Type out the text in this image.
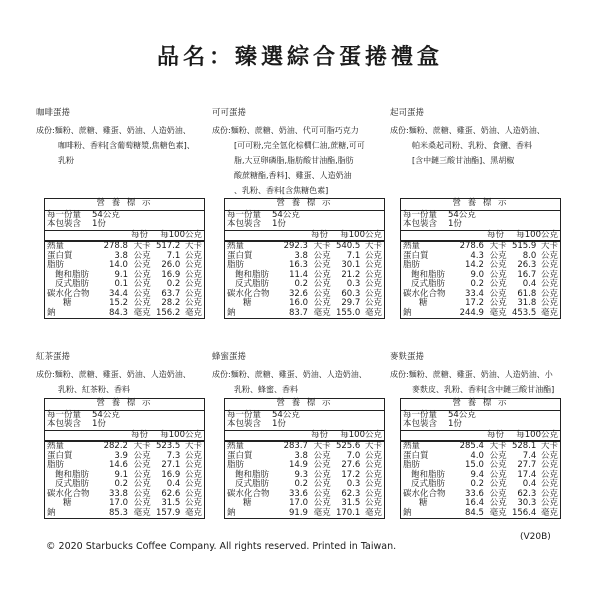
品名：臻選綜合蛋捲禮盒
咖啡蛋捲
成份:麵粉、蔗糖、雞蛋、奶油、人造奶油、
咖啡粉、香料[含葡萄糖漿,焦糖色素]、
乳粉
營 養 標 示
每一份量	54公克
本包裝含	1份
每份	每100公克
熱量	278.8 大卡 517.2 大卡
蛋白質	3.8 公克	7.1 公克
脂肪	14.0 公克	26.0 公克
飽和脂肪	9.1 公克	16.9 公克
反式脂肪	0.1 公克	0.2 公克
碳水化合物	34.4 公克	63.7 公克
糖	15.2 公克	28.2 公克
鈉	84.3 毫克 156.2 毫克
可可蛋捲
成份:麵粉、蔗糖、奶油、代可可脂巧克力
[可可粉,完全氫化棕櫚仁油,蔗糖,可可
脂,大豆卵磷脂,脂肪酸甘油酯,脂肪
酸蔗糖酯,香料]、雞蛋、人造奶油
、乳粉、香料[含焦糖色素]
營 養 標 示
每一份量	54公克
本包裝含	1份
每份	每100公克
熱量	292.3 大卡 540.5 大卡
蛋白質	3.8 公克	7.1 公克
脂肪	16.3 公克	30.1 公克
飽和脂肪	11.4 公克	21.2 公克
反式脂肪	0.2 公克	0.3 公克
碳水化合物	32.6 公克	60.3 公克
糖	16.0 公克	29.7 公克
鈉	83.7 毫克 155.0 毫克
起司蛋捲
成份:麵粉、蔗糖、雞蛋、奶油、人造奶油、
帕米桑起司粉、乳粉、食鹽、香料
[含中鏈三酸甘油酯]、黑胡椒
營 養 標 示
每一份量	54公克
本包裝含	1份
每份	每100公克
熱量	278.6 大卡 515.9 大卡
蛋白質	4.3 公克	8.0 公克
脂肪	14.2 公克	26.3 公克
飽和脂肪	9.0 公克	16.7 公克
反式脂肪	0.2 公克	0.4 公克
碳水化合物	33.4 公克	61.8 公克
糖	17.2 公克	31.8 公克
鈉	244.9 毫克 453.5 毫克
紅茶蛋捲
成份:麵粉、蔗糖、雞蛋、奶油、人造奶油、
乳粉、紅茶粉、香料
營 養 標 示
每一份量	54公克
本包裝含	1份
每份	每100公克
熱量	282.2 大卡 523.5 大卡
蛋白質	3.9 公克	7.3 公克
脂肪	14.6 公克	27.1 公克
飽和脂肪	9.1 公克	16.9 公克
反式脂肪	0.2 公克	0.4 公克
碳水化合物	33.8 公克	62.6 公克
糖	17.0 公克	31.5 公克
鈉	85.3 毫克 157.9 毫克
蜂蜜蛋捲
成份:麵粉、蔗糖、雞蛋、奶油、人造奶油、
乳粉、蜂蜜、香料
營 養 標 示
每一份量	54公克
本包裝含	1份
每份	每100公克
熱量	283.7 大卡 525.6 大卡
蛋白質	3.8 公克	7.0 公克
脂肪	14.9 公克	27.6 公克
飽和脂肪	9.3 公克	17.2 公克
反式脂肪	0.2 公克	0.3 公克
碳水化合物	33.6 公克	62.3 公克
糖	17.0 公克	31.5 公克
鈉	91.9 毫克 170.1 毫克
麥麩蛋捲
成份:麵粉、蔗糖、雞蛋、奶油、人造奶油、小
麥麩皮、乳粉、香料[含中鏈三酸甘油酯]
營 養 標 示
每一份量	54公克
本包裝含	1份
每份	每100公克
熱量	285.4 大卡 528.1 大卡
蛋白質	4.0 公克	7.4 公克
脂肪	15.0 公克	27.7 公克
飽和脂肪	9.4 公克	17.4 公克
反式脂肪	0.2 公克	0.4 公克
碳水化合物	33.6 公克	62.3 公克
糖	16.4 公克	30.3 公克
鈉	84.5 毫克 156.4 毫克
© 2020 Starbucks Coffee Company. All rights reserved. Printed in Taiwan.
(V20B)
